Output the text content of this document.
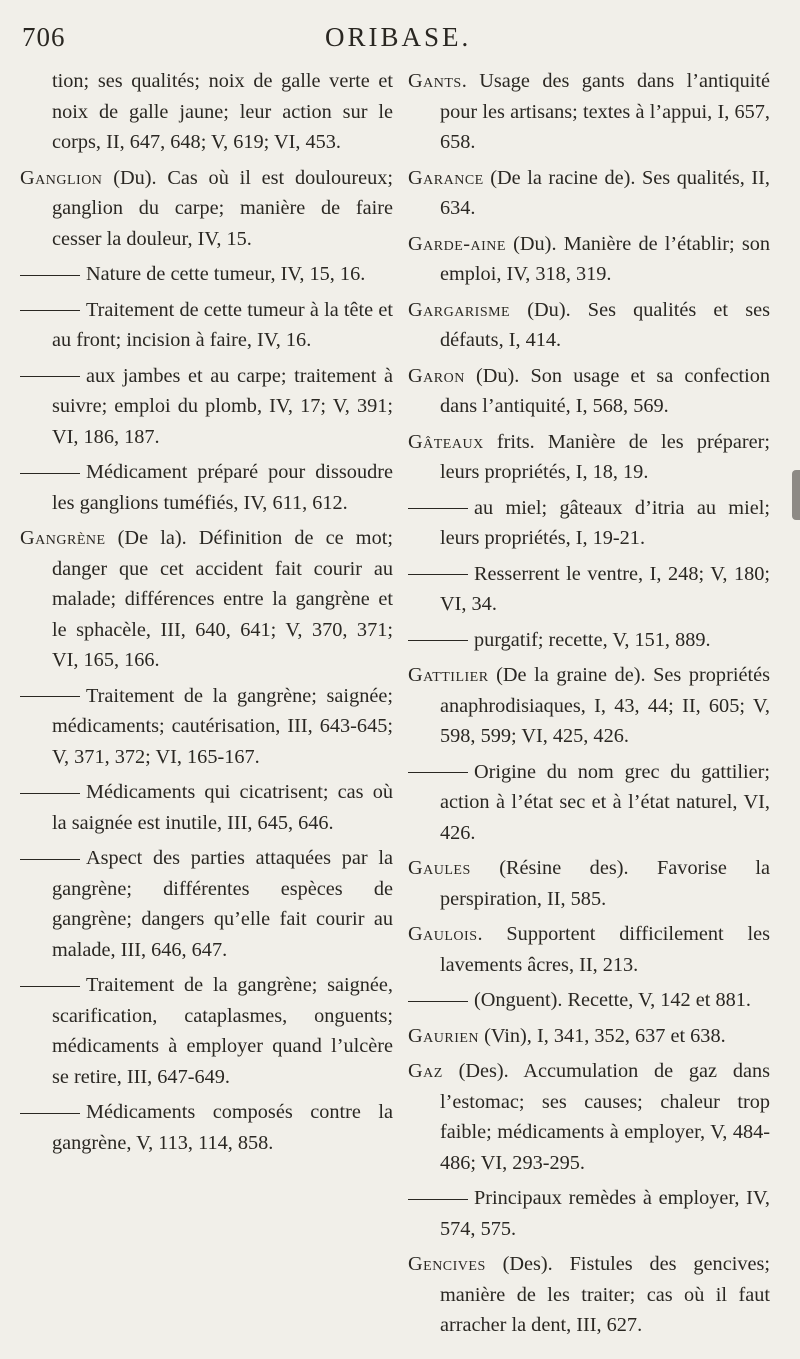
706	ORIBASE.

tion; ses qualités; noix de galle verte et noix de galle jaune; leur action sur le corps, II, 647, 648; V, 619; VI, 453.

Ganglion (Du). Cas où il est douloureux; ganglion du carpe; manière de faire cesser la douleur, IV, 15.

Nature de cette tumeur, IV, 15, 16.

Traitement de cette tumeur à la tête et au front; incision à faire, IV, 16.

aux jambes et au carpe; traitement à suivre; emploi du plomb, IV, 17; V, 391; VI, 186, 187.

Médicament préparé pour dissoudre les ganglions tuméfiés, IV, 611, 612.

Gangrène (De la). Définition de ce mot; danger que cet accident fait courir au malade; différences entre la gangrène et le sphacèle, III, 640, 641; V, 370, 371; VI, 165, 166.

Traitement de la gangrène; saignée; médicaments; cautérisation, III, 643-645; V, 371, 372; VI, 165-167.

Médicaments qui cicatrisent; cas où la saignée est inutile, III, 645, 646.

Aspect des parties attaquées par la gangrène; différentes espèces de gangrène; dangers qu’elle fait courir au malade, III, 646, 647.

Traitement de la gangrène; saignée, scarification, cataplasmes, onguents; médicaments à employer quand l’ulcère se retire, III, 647-649.

Médicaments composés contre la gangrène, V, 113, 114, 858.

Gants. Usage des gants dans l’antiquité pour les artisans; textes à l’appui, I, 657, 658.

Garance (De la racine de). Ses qualités, II, 634.

Garde-aine (Du). Manière de l’établir; son emploi, IV, 318, 319.

Gargarisme (Du). Ses qualités et ses défauts, I, 414.

Garon (Du). Son usage et sa confection dans l’antiquité, I, 568, 569.

Gâteaux frits. Manière de les préparer; leurs propriétés, I, 18, 19.

au miel; gâteaux d’itria au miel; leurs propriétés, I, 19-21.

Resserrent le ventre, I, 248; V, 180; VI, 34.

purgatif; recette, V, 151, 889.

Gattilier (De la graine de). Ses propriétés anaphrodisiaques, I, 43, 44; II, 605; V, 598, 599; VI, 425, 426.

Origine du nom grec du gattilier; action à l’état sec et à l’état naturel, VI, 426.

Gaules (Résine des). Favorise la perspiration, II, 585.

Gaulois. Supportent difficilement les lavements âcres, II, 213.

(Onguent). Recette, V, 142 et 881.

Gaurien (Vin), I, 341, 352, 637 et 638.

Gaz (Des). Accumulation de gaz dans l’estomac; ses causes; chaleur trop faible; médicaments à employer, V, 484-486; VI, 293-295.

Principaux remèdes à employer, IV, 574, 575.

Gencives (Des). Fistules des gencives; manière de les traiter; cas où il faut arracher la dent, III, 627.
